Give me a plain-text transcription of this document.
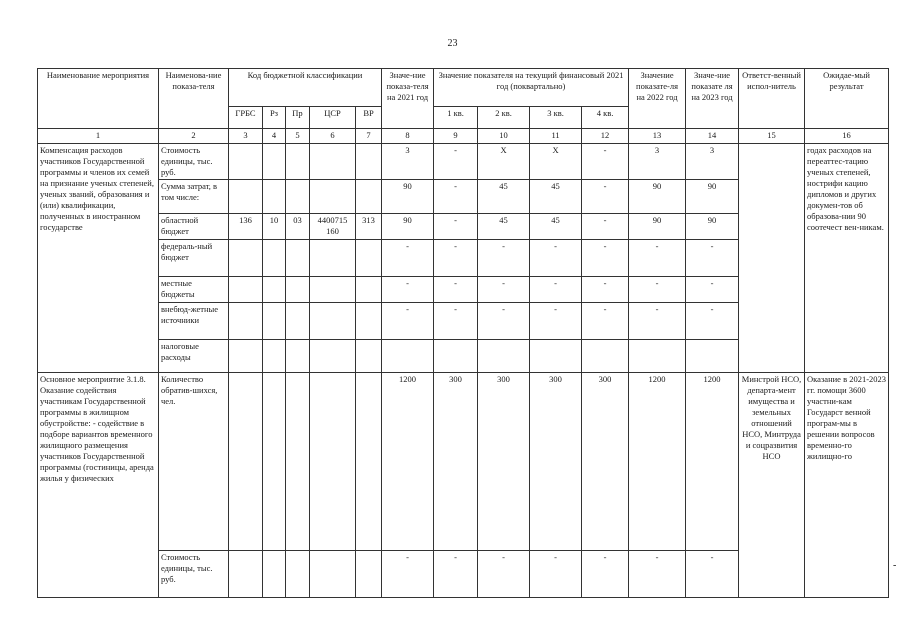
23
-
Наименование мероприятия	Наименова-ние показа-теля	Код бюджетной классификации					Значе-ние показа-теля на 2021 год	Значение показателя на текущий финансовый 2021 год (поквартально)				Значение показате-ля на 2022 год	Значе-ние показате ля на 2023 год	Ответст-венный испол-нитель	Ожидае-мый результат
		ГРБС	Рз	Пр	ЦСР	ВР		1 кв.	2 кв.	3 кв.	4 кв.				
1	2	3	4	5	6	7	8	9	10	11	12	13	14	15	16
Компенсация расходов участников Государственной программы и членов их семей на признание ученых степеней, ученых званий, образования и (или) квалификации, полученных в иностранном государстве	Стоимость единицы, тыс. руб.						3	-	Х	Х	-	3	3		годах расходов на переаттес-тацию ученых степеней, нострифи кацию дипломов и других докумен-тов об образова-нии 90 соотечест вен-никам.
	Сумма затрат, в том числе:						90	-	45	45	-	90	90		
	областной бюджет	136	10	03	4400715 160	313	90	-	45	45	-	90	90		
	федераль-ный бюджет						-	-	-	-	-	-	-		
	местные бюджеты						-	-	-	-	-	-	-		
	внебюд-жетные источники						-	-	-	-	-	-	-		
	налоговые расходы														
Основное мероприятие 3.1.8. Оказание содействия участникам Государственной программы в жилищном обустройстве: - содействие в подборе вариантов временного жилищного размещения участников Государственной программы (гостиницы, аренда жилья у физических	Количество обратив-шихся, чел.						1200	300	300	300	300	1200	1200	Минстрой НСО, департа-мент имущества и земельных отношений НСО, Минтруда и соцразвития НСО	Оказание в 2021-2023 гг. помощи 3600 участни-кам Государст венной програм-мы в решении вопросов временно-го жилищно-го
	Стоимость единицы, тыс. руб.						-	-	-	-	-	-	-		
